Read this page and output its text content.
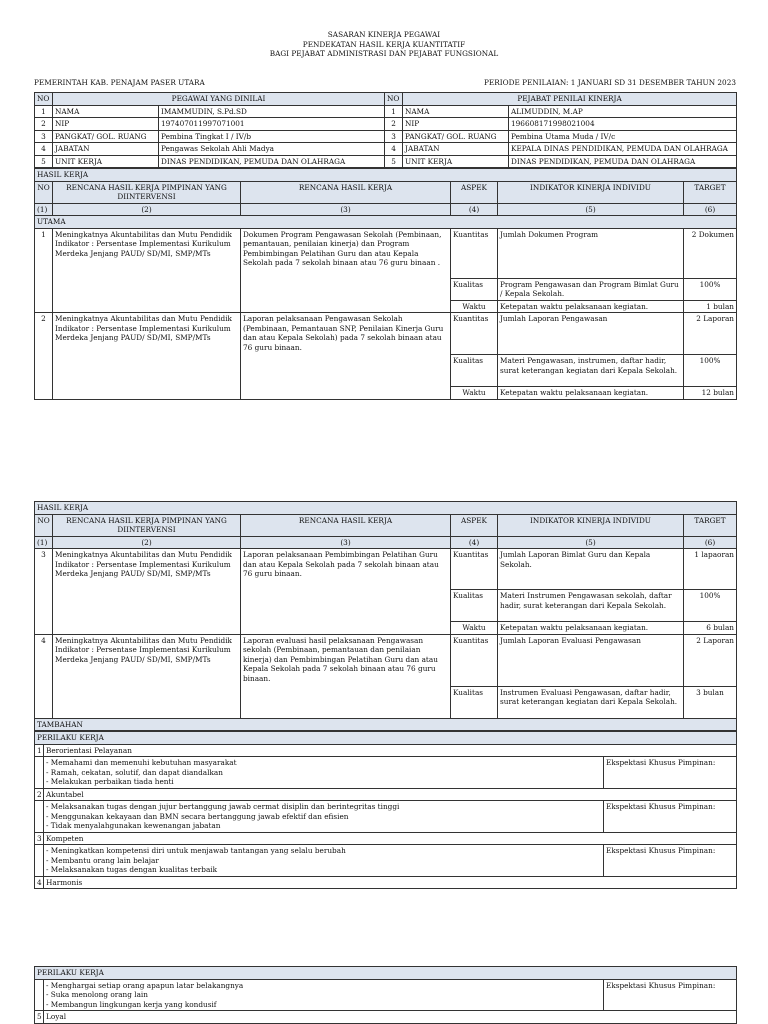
SASARAN KINERJA PEGAWAI
PENDEKATAN HASIL KERJA KUANTITATIF
BAGI PEJABAT ADMINISTRASI DAN PEJABAT FUNGSIONAL
PEMERINTAH KAB. PENAJAM PASER UTARA	PERIODE PENILAIAN: 1 JANUARI SD 31 DESEMBER TAHUN 2023
NO	PEGAWAI YANG DINILAI		NO	PEJABAT PENILAI KINERJA	
1	NAMA	IMAMMUDIN, S.Pd.SD	1	NAMA	ALIMUDDIN, M.AP
2	NIP	197407011997071001	2	NIP	196608171998021004
3	PANGKAT/ GOL. RUANG	Pembina Tingkat I / IV/b	3	PANGKAT/ GOL. RUANG	Pembina Utama Muda / IV/c
4	JABATAN	Pengawas Sekolah Ahli Madya	4	JABATAN	KEPALA DINAS PENDIDIKAN, PEMUDA DAN OLAHRAGA
5	UNIT KERJA	DINAS PENDIDIKAN, PEMUDA DAN OLAHRAGA	5	UNIT KERJA	DINAS PENDIDIKAN, PEMUDA DAN OLAHRAGA
HASIL KERJA					
NO	RENCANA HASIL KERJA PIMPINAN YANG DIINTERVENSI	RENCANA HASIL KERJA	ASPEK	INDIKATOR KINERJA INDIVIDU	TARGET
(1)	(2)	(3)	(4)	(5)	(6)
UTAMA					
1	Meningkatnya Akuntabilitas dan Mutu Pendidik Indikator : Persentase Implementasi Kurikulum Merdeka Jenjang PAUD/ SD/MI, SMP/MTs	Dokumen Program Pengawasan Sekolah (Pembinaan, pemantauan, penilaian kinerja) dan Program Pembimbingan Pelatihan Guru dan atau Kepala Sekolah pada 7 sekolah binaan atau 76 guru binaan .	Kuantitas	Jumlah Dokumen Program	2 Dokumen
			Kualitas	Program Pengawasan dan Program Bimlat Guru / Kepala Sekolah.	100%
			Waktu	Ketepatan waktu pelaksanaan kegiatan.	1 bulan
2	Meningkatnya Akuntabilitas dan Mutu Pendidik Indikator : Persentase Implementasi Kurikulum Merdeka Jenjang PAUD/ SD/MI, SMP/MTs	Laporan pelaksanaan Pengawasan Sekolah (Pembinaan, Pemantauan SNP, Penilaian Kinerja Guru dan atau Kepala Sekolah) pada 7 sekolah binaan atau 76 guru binaan.	Kuantitas	Jumlah Laporan Pengawasan	2 Laporan
			Kualitas	Materi Pengawasan, instrumen, daftar hadir, surat keterangan kegiatan dari Kepala Sekolah.	100%
			Waktu	Ketepatan waktu pelaksanaan kegiatan.	12 bulan
HASIL KERJA					
NO	RENCANA HASIL KERJA PIMPINAN YANG DIINTERVENSI	RENCANA HASIL KERJA	ASPEK	INDIKATOR KINERJA INDIVIDU	TARGET
(1)	(2)	(3)	(4)	(5)	(6)
3	Meningkatnya Akuntabilitas dan Mutu Pendidik Indikator : Persentase Implementasi Kurikulum Merdeka Jenjang PAUD/ SD/MI, SMP/MTs	Laporan pelaksanaan Pembimbingan Pelatihan Guru dan atau Kepala Sekolah pada 7 sekolah binaan atau 76 guru binaan.	Kuantitas	Jumlah Laporan Bimlat Guru dan Kepala Sekolah.	1 lapaoran
			Kualitas	Materi Instrumen Pengawasan sekolah, daftar hadir, surat keterangan dari Kepala Sekolah.	100%
			Waktu	Ketepatan waktu pelaksanaan kegiatan.	6 bulan
4	Meningkatnya Akuntabilitas dan Mutu Pendidik Indikator : Persentase Implementasi Kurikulum Merdeka Jenjang PAUD/ SD/MI, SMP/MTs	Laporan evaluasi hasil pelaksanaan Pengawasan sekolah (Pembinaan, pemantauan dan penilaian kinerja) dan Pembimbingan Pelatihan Guru dan atau Kepala Sekolah pada 7 sekolah binaan atau 76 guru binaan.	Kuantitas	Jumlah Laporan Evaluasi Pengawasan	2 Laporan
			Kualitas	Instrumen Evaluasi Pengawasan, daftar hadir, surat keterangan kegiatan dari Kepala Sekolah.	3 bulan
TAMBAHAN					
PERILAKU KERJA		
1	Berorientasi Pelayanan	

	- Memahami dan memenuhi kebutuhan masyarakat
- Ramah, cekatan, solutif, dan dapat diandalkan
- Melakukan perbaikan tiada henti	Ekspektasi Khusus Pimpinan:
2	Akuntabel	

	- Melaksanakan tugas dengan jujur bertanggung jawab cermat disiplin dan berintegritas tinggi
- Menggunakan kekayaan dan BMN secara bertanggung jawab efektif dan efisien
- Tidak menyalahgunakan kewenangan jabatan	Ekspektasi Khusus Pimpinan:
3	Kompeten	

	- Meningkatkan kompetensi diri untuk menjawab tantangan yang selalu berubah
- Membantu orang lain belajar
- Melaksanakan tugas dengan kualitas terbaik	Ekspektasi Khusus Pimpinan:
4	Harmonis	
PERILAKU KERJA		

	- Menghargai setiap orang apapun latar belakangnya
- Suka menolong orang lain
- Membangun lingkungan kerja yang kondusif	Ekspektasi Khusus Pimpinan:
5	Loyal	
